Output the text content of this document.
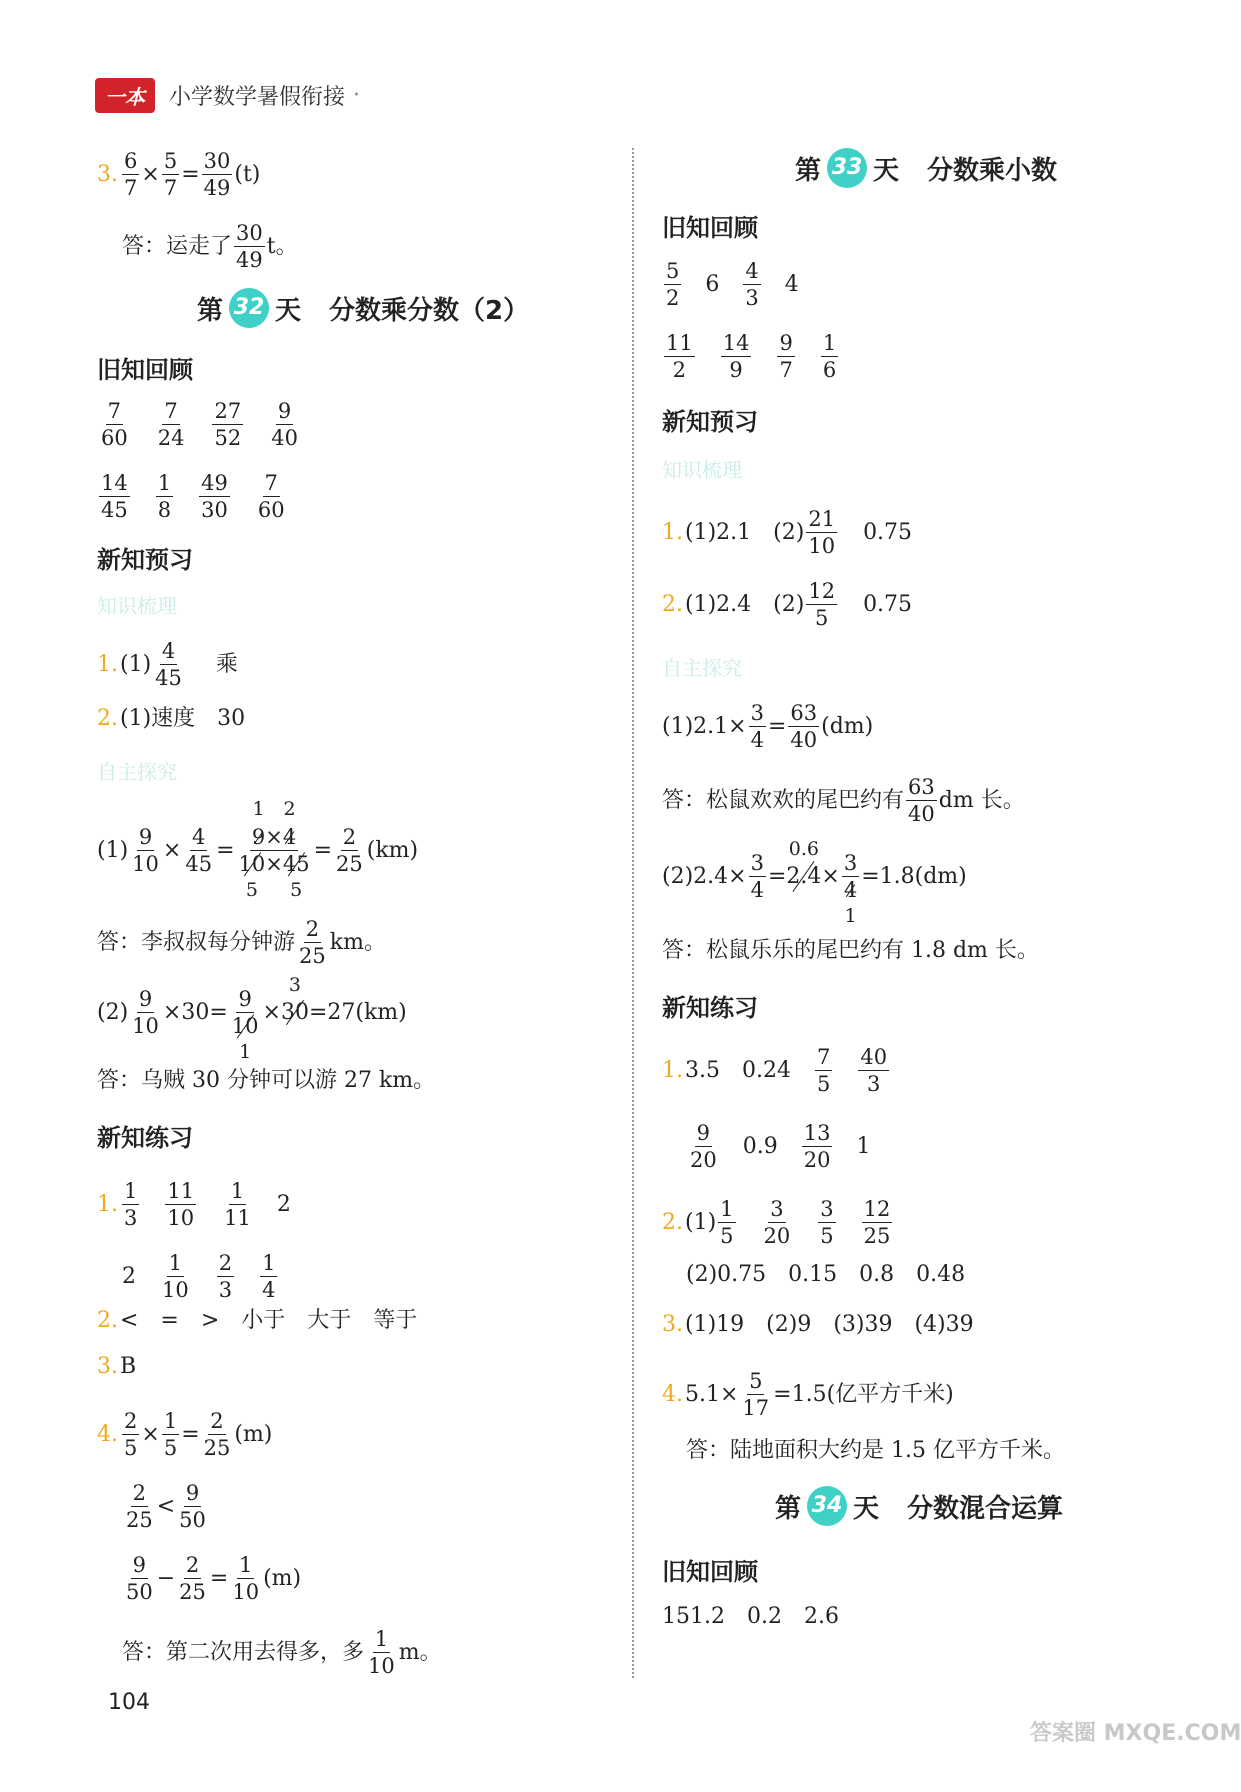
一本	小学数学暑假衔接 ·
3. $\frac{6}{7} \times \frac{5}{7} = \frac{30}{49} (t)$
答：运走了 $\frac{30}{49}$ t。
第 32 天 分数乘分数（2）
旧知回顾
$\frac{7}{60} \frac{7}{24} \frac{27}{52} \frac{9}{40}$
$\frac{14}{45} \frac{1}{8} \frac{49}{30} \frac{7}{60}$
新知预习
知识梳理
1. $(1) \frac{4}{45}$ 乘
2. (1)速度　30
自主探究
$(1) \frac{9}{10} \times \frac{4}{45} = 1$
9×
2
4
5
10×
5
$45 = \frac{2}{25} (km)$
答：李叔叔每分钟游 $\frac{2}{25}$ km。
$(2) \frac{9}{10} \times 30= 9$
1
10 ×
3
30 =27(km)
答：乌贼 30 分钟可以游 27 km。
新知练习
1. $\frac{1}{3} \frac{11}{10} \frac{1}{11} 2$
$2 \frac{1}{10} \frac{2}{3} \frac{1}{4}$
2. <　=　>　小于　大于　等于
3. B
4. $\frac{2}{5} \times \frac{1}{5} = \frac{2}{25} (m)$
$\frac{2}{25} < \frac{9}{50}$
$\frac{9}{50} - \frac{2}{25} = \frac{1}{10} (m)$
答：第二次用去得多，多 $\frac{1}{10}$ m。
104
第 33 天 分数乘小数
旧知回顾
$\frac{5}{2} 6 \frac{4}{3} 4$
$\frac{11}{2} \frac{14}{9} \frac{9}{7} \frac{1}{6}$
新知预习
知识梳理
1. (1)2.1　$(2) \frac{21}{10} 0.75$
2. (1)2.4　$(2) \frac{12}{5} 0.75$
自主探究
$(1)2.1\times \frac{3}{4} = \frac{63}{40} (dm)$
答：松鼠欢欢的尾巴约有 $\frac{63}{40}$ dm 长。
$(2)2.4\times \frac{3}{4}$ =
0.6
2.4 × 3
1
4 =1.8(dm)
答：松鼠乐乐的尾巴约有 1.8 dm 长。
新知练习
1. 3.5 $0.24 \frac{7}{5} \frac{40}{3}$
$\frac{9}{20} 0.9 \frac{13}{20} 1$
2. $(1) \frac{1}{5} \frac{3}{20} \frac{3}{5} \frac{12}{25}$
(2)0.75　0.15　0.8　0.48
3. (1)19　(2)9　(3)39　(4)39
4. $5.1\times \frac{5}{17} =1.5$(亿平方千米)
答：陆地面积大约是 1.5 亿平方千米。
第 34 天 分数混合运算
旧知回顾
151.2　0.2　2.6
答案圈 MXQE.COM
